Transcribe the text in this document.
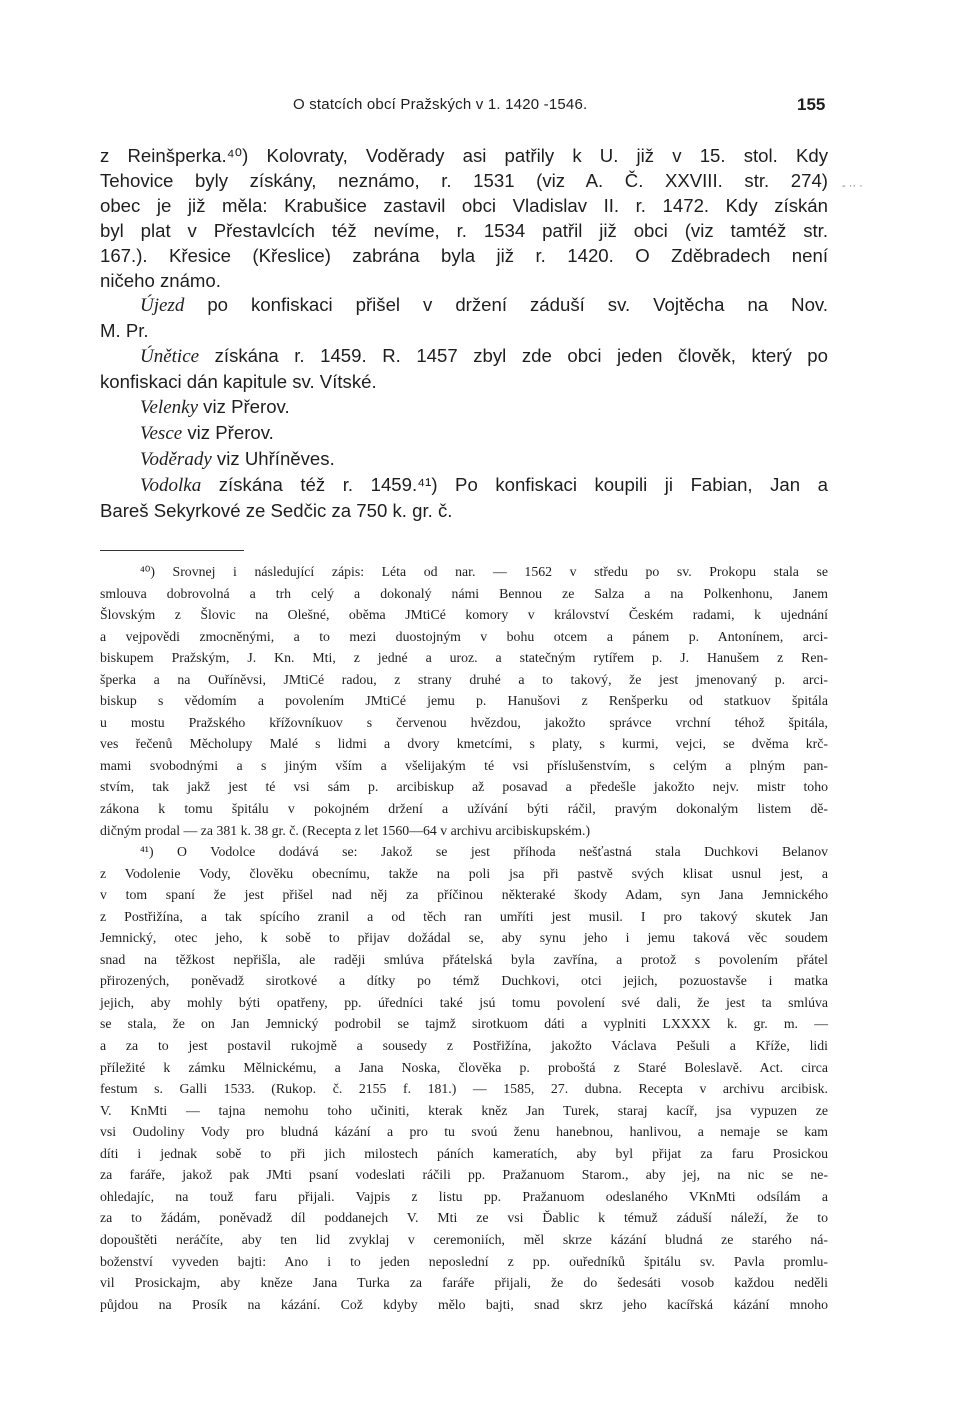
O statcích obcí Pražských v 1. 1420 -1546.	155
z Reinšperka.⁴⁰) Kolovraty, Voděrady asi patřily k U. již v 15. stol. Kdy
Tehovice byly získány, neznámo, r. 1531 (viz A. Č. XXVIII. str. 274)
obec je již měla: Krabušice zastavil obci Vladislav II. r. 1472. Kdy získán
byl plat v Přestavlcích též nevíme, r. 1534 patřil již obci (viz tamtéž str.
167.). Křesice (Křeslice) zabrána byla již r. 1420. O Zděbradech není
ničeho známo.
Újezd po konfiskaci přišel v držení záduší sv. Vojtěcha na Nov.
M. Pr.
Únětice získána r. 1459. R. 1457 zbyl zde obci jeden člověk, který po
konfiskaci dán kapitule sv. Vítské.
Velenky viz Přerov.
Vesce viz Přerov.
Voděrady viz Uhříněves.
Vodolka získána též r. 1459.⁴¹) Po konfiskaci koupili ji Fabian, Jan a
Bareš Sekyrkové ze Sedčic za 750 k. gr. č.
⁴⁰) Srovnej i následující zápis: Léta od nar. — 1562 v středu po sv. Prokopu stala se
smlouva dobrovolná a trh celý a dokonalý námi Bennou ze Salza a na Polkenhonu, Janem
Šlovským z Šlovic na Olešné, oběma JMtiCé komory v království Českém radami, k ujednání
a vejpovědi zmocněnými, a to mezi duostojným v bohu otcem a pánem p. Antonínem, arci-
biskupem Pražským, J. Kn. Mti, z jedné a uroz. a statečným rytířem p. J. Hanušem z Ren-
šperka a na Ouříněvsi, JMtiCé radou, z strany druhé a to takový, že jest jmenovaný p. arci-
biskup s vědomím a povolením JMtiCé jemu p. Hanušovi z Renšperku od statkuov špitála
u mostu Pražského křížovníkuov s červenou hvězdou, jakožto správce vrchní téhož špitála,
ves řečenů Měcholupy Malé s lidmi a dvory kmetcími, s platy, s kurmi, vejci, se dvěma krč-
mami svobodnými a s jiným vším a všelijakým té vsi příslušenstvím, s celým a plným pan-
stvím, tak jakž jest té vsi sám p. arcibiskup až posavad a předešle jakožto nejv. mistr toho
zákona k tomu špitálu v pokojném držení a užívání býti ráčil, pravým dokonalým listem dě-
dičným prodal — za 381 k. 38 gr. č. (Recepta z let 1560—64 v archivu arcibiskupském.)
⁴¹) O Vodolce dodává se: Jakož se jest příhoda nešťastná stala Duchkovi Belanov
z Vodolenie Vody, člověku obecnímu, takže na poli jsa při pastvě svých klisat usnul jest, a
v tom spaní že jest přišel nad něj za příčinou některaké škody Adam, syn Jana Jemnického
z Postřižína, a tak spícího zranil a od těch ran umříti jest musil. I pro takový skutek Jan
Jemnický, otec jeho, k sobě to přijav dožádal se, aby synu jeho i jemu taková věc soudem
snad na těžkost nepřišla, ale raději smlúva přátelská byla zavřína, a protož s povolením přátel
přirozených, poněvadž sirotkové a dítky po témž Duchkovi, otci jejich, pozuostavše i matka
jejich, aby mohly býti opatřeny, pp. úředníci také jsú tomu povolení své dali, že jest ta smlúva
se stala, že on Jan Jemnický podrobil se tajmž sirotkuom dáti a vyplniti LXXXX k. gr. m. —
a za to jest postavil rukojmě a sousedy z Postřižína, jakožto Václava Pešuli a Kříže, lidi
příležité k zámku Mělnickému, a Jana Noska, člověka p. proboštá z Staré Boleslavě. Act. circa
festum s. Galli 1533. (Rukop. č. 2155 f. 181.) — 1585, 27. dubna. Recepta v archivu arcibisk.
V. KnMti — tajna nemohu toho učiniti, kterak kněz Jan Turek, staraj kacíř, jsa vypuzen ze
vsi Oudoliny Vody pro bludná kázání a pro tu svoú ženu hanebnou, hanlivou, a nemaje se kam
díti i jednak sobě to při jich milostech páních kameratích, aby byl přijat za faru Prosickou
za faráře, jakož pak JMti psaní vodeslati ráčili pp. Pražanuom Starom., aby jej, na nic se ne-
ohledajíc, na touž faru přijali. Vajpis z listu pp. Pražanuom odeslaného VKnMti odsílám a
za to žádám, poněvadž díl poddanejch V. Mti ze vsi Ďablic k témuž záduší náleží, že to
dopouštěti neráčíte, aby ten lid zvyklaj v ceremoniích, měl skrze kázání bludná ze starého ná-
boženství vyveden bajti: Ano i to jeden neposlední z pp. ouředníků špitálu sv. Pavla promlu-
vil Prosickajm, aby kněze Jana Turka za faráře přijali, že do šedesáti vosob každou neděli
půjdou na Prosík na kázání. Což kdyby mělo bajti, snad skrz jeho kacířská kázání mnoho
- ·· ·
